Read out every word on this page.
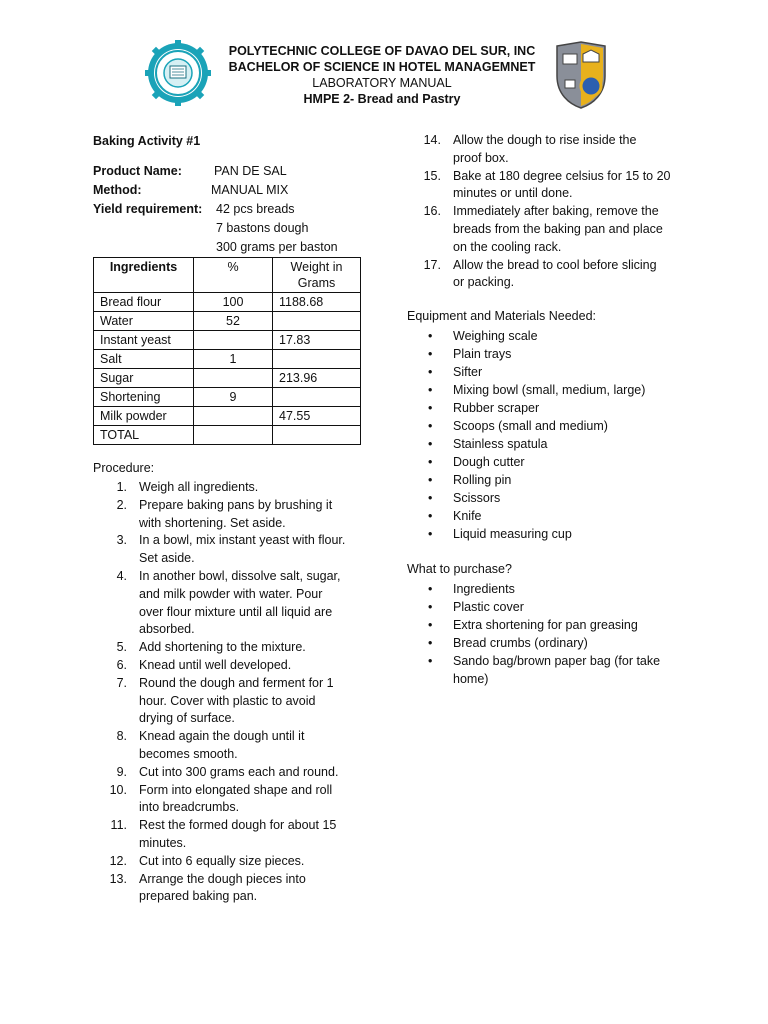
POLYTECHNIC COLLEGE OF DAVAO DEL SUR, INC
BACHELOR OF SCIENCE IN HOTEL MANAGEMNET
LABORATORY MANUAL
HMPE 2- Bread and Pastry
Baking Activity #1
Product Name:	PAN DE SAL
Method:	MANUAL MIX
Yield requirement: 42 pcs breads
7 bastons dough
300 grams per baston
Ingredients	%	Weight in Grams
Bread flour	100	1188.68
Water	52	
Instant yeast		17.83
Salt	1	
Sugar		213.96
Shortening	9	
Milk powder		47.55
TOTAL		
Procedure:
1. Weigh all ingredients.
2. Prepare baking pans by brushing it
with shortening. Set aside.
3. In a bowl, mix instant yeast with flour.
Set aside.
4. In another bowl, dissolve salt, sugar,
and milk powder with water. Pour
over flour mixture until all liquid are
absorbed.
5. Add shortening to the mixture.
6. Knead until well developed.
7. Round the dough and ferment for 1
hour. Cover with plastic to avoid
drying of surface.
8. Knead again the dough until it
becomes smooth.
9. Cut into 300 grams each and round.
10. Form into elongated shape and roll
into breadcrumbs.
11. Rest the formed dough for about 15
minutes.
12. Cut into 6 equally size pieces.
13. Arrange the dough pieces into
prepared baking pan.
14. Allow the dough to rise inside the
proof box.
15. Bake at 180 degree celsius for 15 to 20
minutes or until done.
16. Immediately after baking, remove the
breads from the baking pan and place
on the cooling rack.
17. Allow the bread to cool before slicing
or packing.
Equipment and Materials Needed:
• Weighing scale
• Plain trays
• Sifter
• Mixing bowl (small, medium, large)
• Rubber scraper
• Scoops (small and medium)
• Stainless spatula
• Dough cutter
• Rolling pin
• Scissors
• Knife
• Liquid measuring cup
What to purchase?
• Ingredients
• Plastic cover
• Extra shortening for pan greasing
• Bread crumbs (ordinary)
• Sando bag/brown paper bag (for take
home)
